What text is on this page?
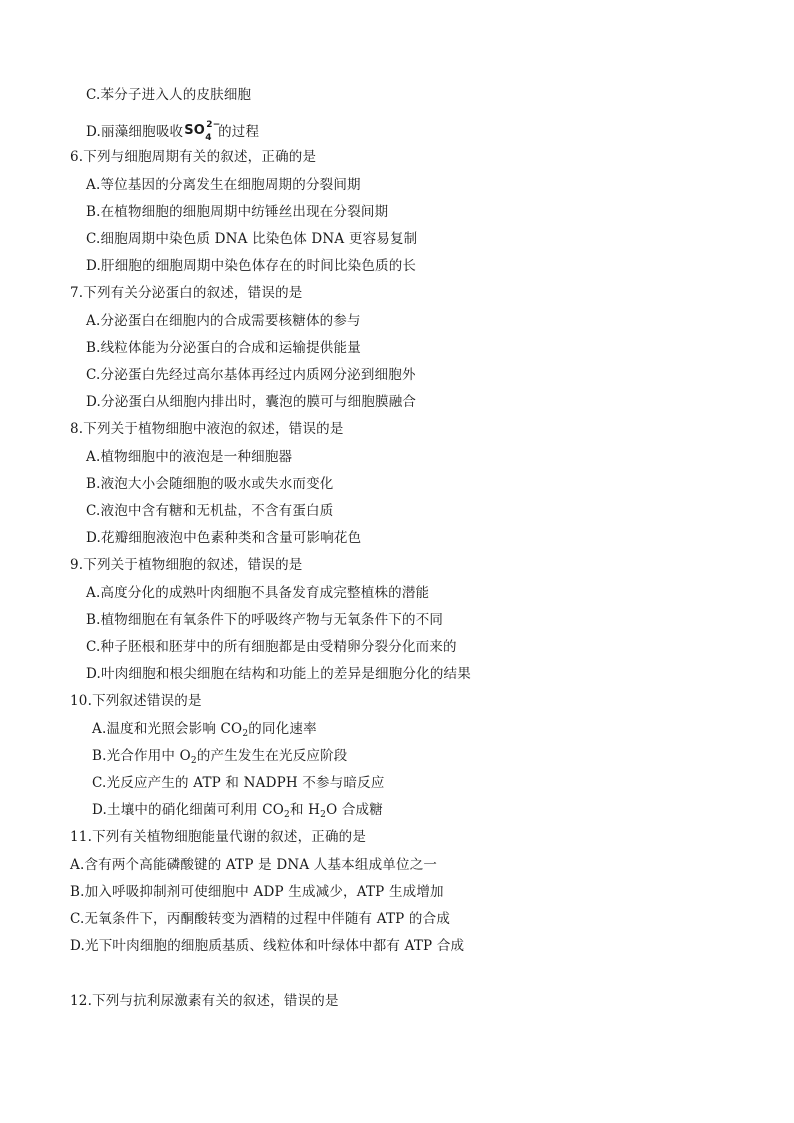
C.苯分子进入人的皮肤细胞
D.丽藻细胞吸收SO 2−
4 的过程
6.下列与细胞周期有关的叙述，正确的是
A.等位基因的分离发生在细胞周期的分裂间期
B.在植物细胞的细胞周期中纺锤丝出现在分裂间期
C.细胞周期中染色质 DNA 比染色体 DNA 更容易复制
D.肝细胞的细胞周期中染色体存在的时间比染色质的长
7.下列有关分泌蛋白的叙述，错误的是
A.分泌蛋白在细胞内的合成需要核糖体的参与
B.线粒体能为分泌蛋白的合成和运输提供能量
C.分泌蛋白先经过高尔基体再经过内质网分泌到细胞外
D.分泌蛋白从细胞内排出时，囊泡的膜可与细胞膜融合
8.下列关于植物细胞中液泡的叙述，错误的是
A.植物细胞中的液泡是一种细胞器
B.液泡大小会随细胞的吸水或失水而变化
C.液泡中含有糖和无机盐，不含有蛋白质
D.花瓣细胞液泡中色素种类和含量可影响花色
9.下列关于植物细胞的叙述，错误的是
A.高度分化的成熟叶肉细胞不具备发育成完整植株的潜能
B.植物细胞在有氧条件下的呼吸终产物与无氧条件下的不同
C.种子胚根和胚芽中的所有细胞都是由受精卵分裂分化而来的
D.叶肉细胞和根尖细胞在结构和功能上的差异是细胞分化的结果
10.下列叙述错误的是
A.温度和光照会影响 $CO_2$的同化速率
B.光合作用中 $O_2$的产生发生在光反应阶段
C.光反应产生的 ATP 和 NADPH 不参与暗反应
D.土壤中的硝化细菌可利用 $CO_2$和 $H_2O$ 合成糖
11.下列有关植物细胞能量代谢的叙述，正确的是
A.含有两个高能磷酸键的 ATP 是 DNA 人基本组成单位之一
B.加入呼吸抑制剂可使细胞中 ADP 生成减少，ATP 生成增加
C.无氧条件下，丙酮酸转变为酒精的过程中伴随有 ATP 的合成
D.光下叶肉细胞的细胞质基质、线粒体和叶绿体中都有 ATP 合成
12.下列与抗利尿激素有关的叙述，错误的是
